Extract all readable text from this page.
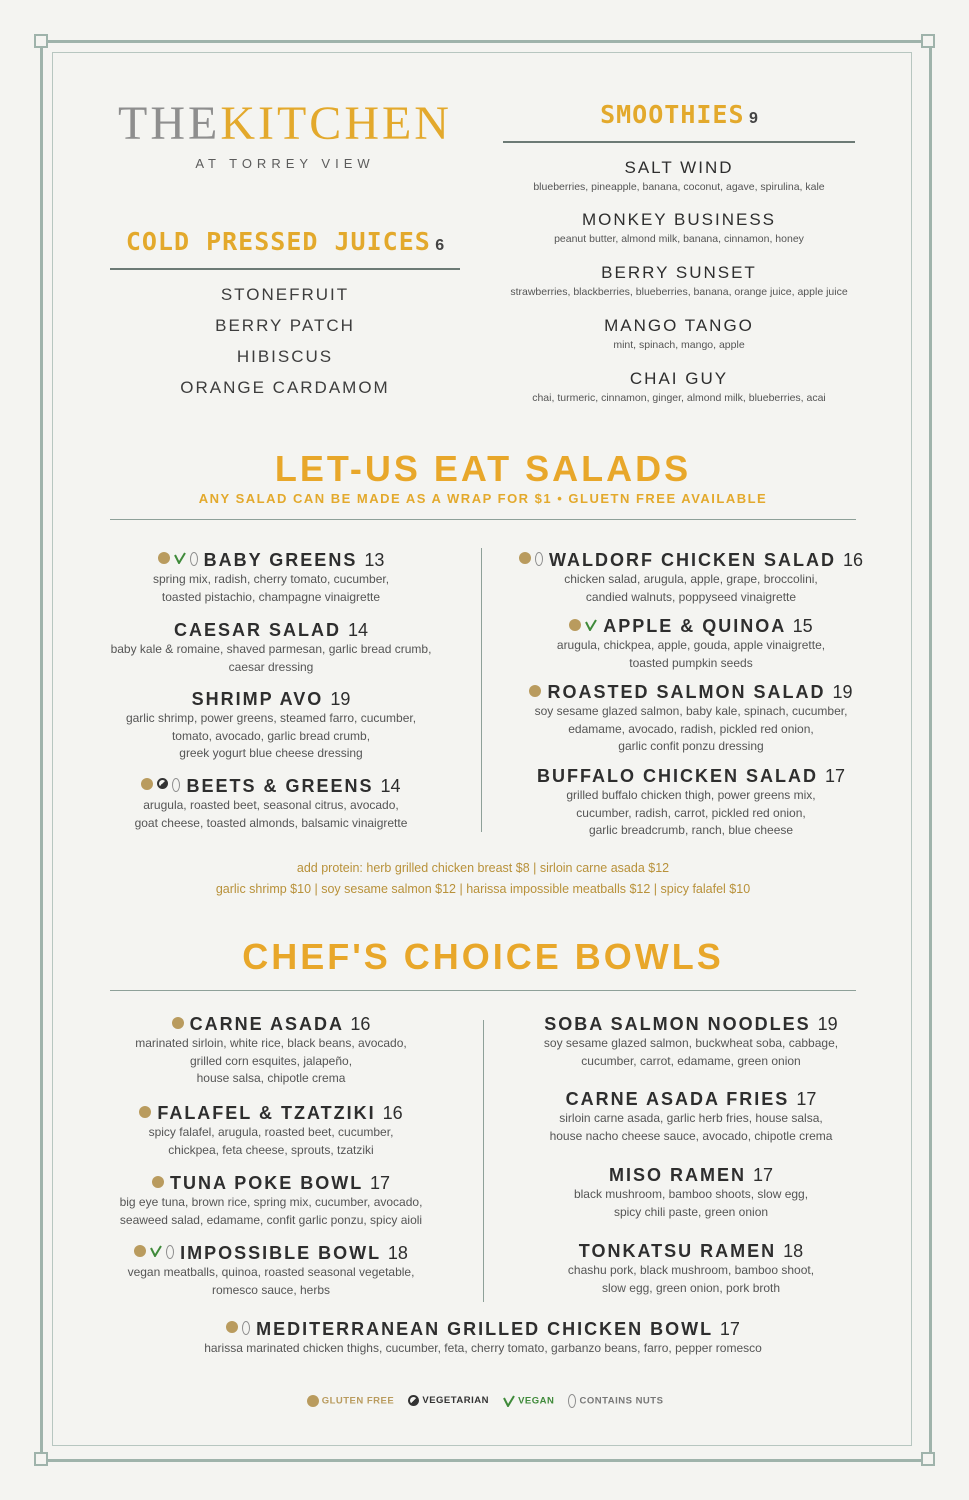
THEKITCHEN
AT TORREY VIEW
COLD PRESSED JUICES 6
STONEFRUIT
BERRY PATCH
HIBISCUS
ORANGE CARDAMOM
SMOOTHIES 9
SALT WIND
blueberries, pineapple, banana, coconut, agave, spirulina, kale
MONKEY BUSINESS
peanut butter, almond milk, banana, cinnamon, honey
BERRY SUNSET
strawberries, blackberries, blueberries, banana, orange juice, apple juice
MANGO TANGO
mint, spinach, mango, apple
CHAI GUY
chai, turmeric, cinnamon, ginger, almond milk, blueberries, acai
LET-US EAT SALADS
ANY SALAD CAN BE MADE AS A WRAP FOR $1 • GLUETN FREE AVAILABLE
BABY GREENS 13
spring mix, radish, cherry tomato, cucumber,
toasted pistachio, champagne vinaigrette
CAESAR SALAD 14
baby kale & romaine, shaved parmesan, garlic bread crumb,
caesar dressing
SHRIMP AVO 19
garlic shrimp, power greens, steamed farro, cucumber,
tomato, avocado, garlic bread crumb,
greek yogurt blue cheese dressing
BEETS & GREENS 14
arugula, roasted beet, seasonal citrus, avocado,
goat cheese, toasted almonds, balsamic vinaigrette
WALDORF CHICKEN SALAD 16
chicken salad, arugula, apple, grape, broccolini,
candied walnuts, poppyseed vinaigrette
APPLE & QUINOA 15
arugula, chickpea, apple, gouda, apple vinaigrette,
toasted pumpkin seeds
ROASTED SALMON SALAD 19
soy sesame glazed salmon, baby kale, spinach, cucumber,
edamame, avocado, radish, pickled red onion,
garlic confit ponzu dressing
BUFFALO CHICKEN SALAD 17
grilled buffalo chicken thigh, power greens mix,
cucumber, radish, carrot, pickled red onion,
garlic breadcrumb, ranch, blue cheese
add protein: herb grilled chicken breast $8 | sirloin carne asada $12
garlic shrimp $10 | soy sesame salmon $12 | harissa impossible meatballs $12 | spicy falafel $10
CHEF'S CHOICE BOWLS
CARNE ASADA 16
marinated sirloin, white rice, black beans, avocado,
grilled corn esquites, jalapeño,
house salsa, chipotle crema
FALAFEL & TZATZIKI 16
spicy falafel, arugula, roasted beet, cucumber,
chickpea, feta cheese, sprouts, tzatziki
TUNA POKE BOWL 17
big eye tuna, brown rice, spring mix, cucumber, avocado,
seaweed salad, edamame, confit garlic ponzu, spicy aioli
IMPOSSIBLE BOWL 18
vegan meatballs, quinoa, roasted seasonal vegetable,
romesco sauce, herbs
SOBA SALMON NOODLES 19
soy sesame glazed salmon, buckwheat soba, cabbage,
cucumber, carrot, edamame, green onion
CARNE ASADA FRIES 17
sirloin carne asada, garlic herb fries, house salsa,
house nacho cheese sauce, avocado, chipotle crema
MISO RAMEN 17
black mushroom, bamboo shoots, slow egg,
spicy chili paste, green onion
TONKATSU RAMEN 18
chashu pork, black mushroom, bamboo shoot,
slow egg, green onion, pork broth
MEDITERRANEAN GRILLED CHICKEN BOWL 17
harissa marinated chicken thighs, cucumber, feta, cherry tomato, garbanzo beans, farro, pepper romesco
GLUTEN FREE	VEGETARIAN	VEGAN	CONTAINS NUTS
